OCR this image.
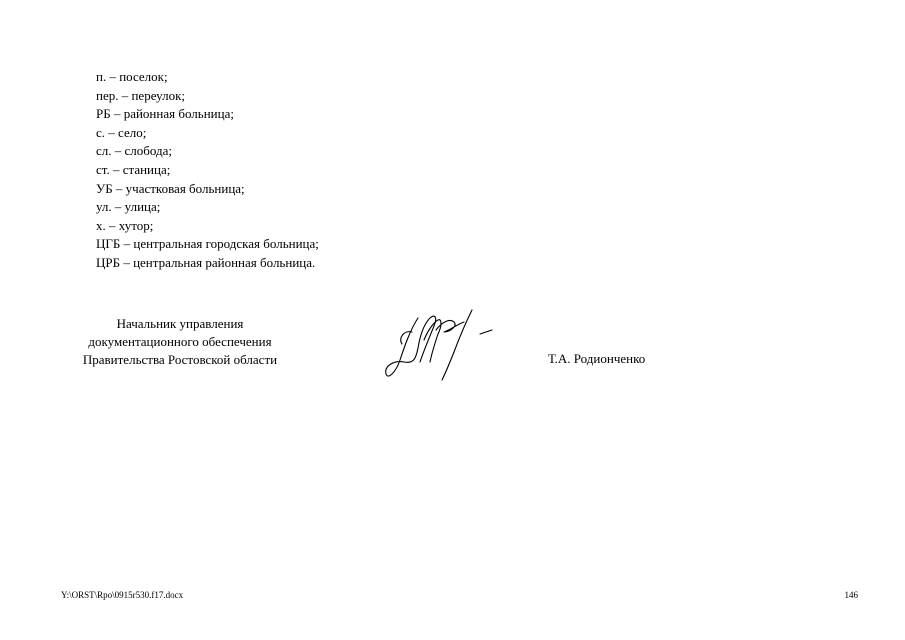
п. – поселок;
пер. – переулок;
РБ – районная больница;
с. – село;
сл. – слобода;
ст. – станица;
УБ – участковая больница;
ул. – улица;
х. – хутор;
ЦГБ – центральная городская больница;
ЦРБ – центральная районная больница.
Начальник управления
документационного обеспечения
Правительства Ростовской области	Т.А. Родионченко
Y:\ORST\Rpo\0915r530.f17.docx	146
